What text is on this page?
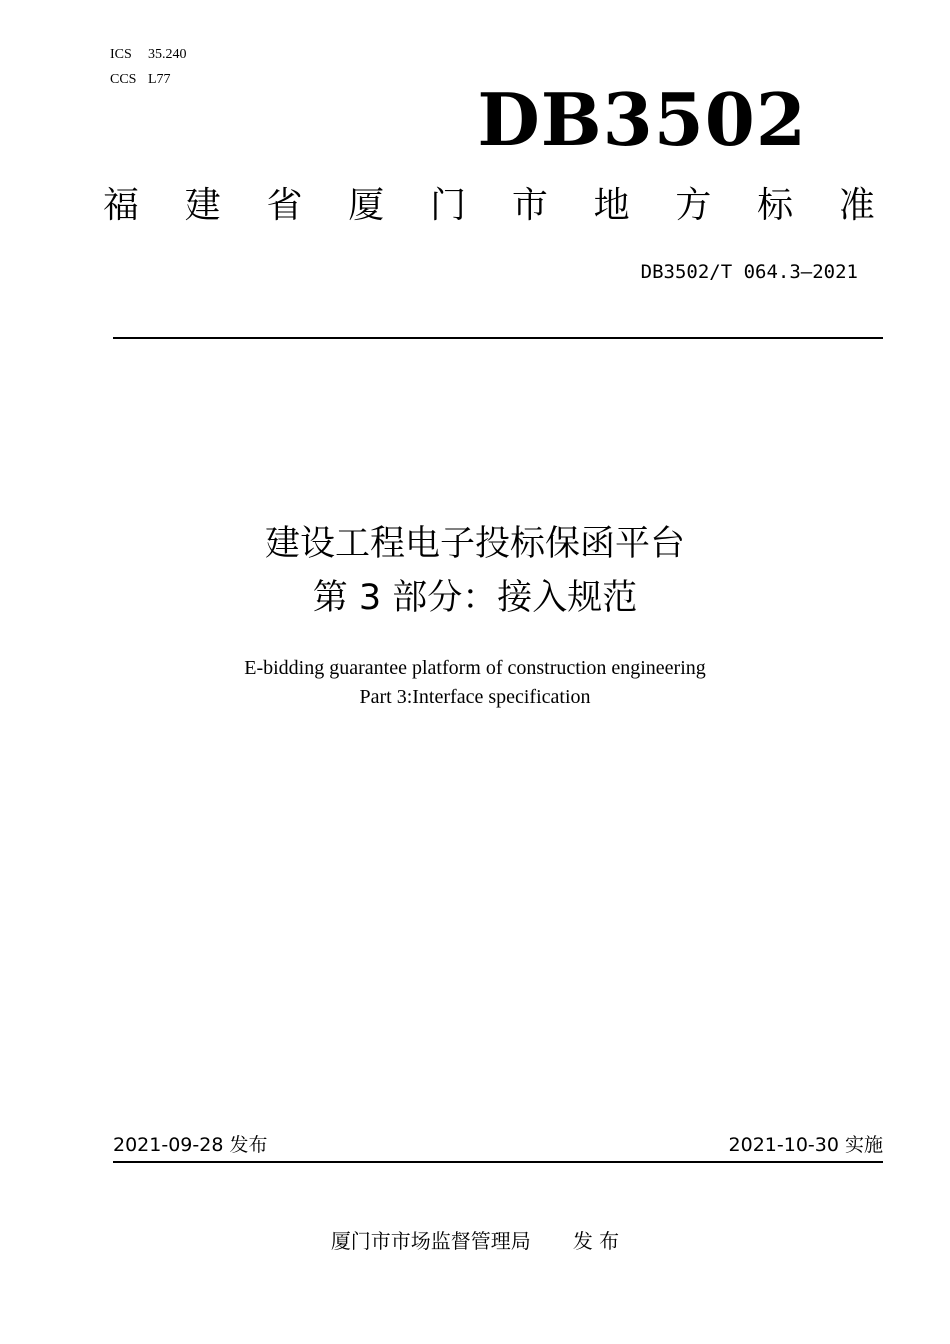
ICS 35.240
CCS L77	DB3502
福 建 省 厦 门 市 地 方 标 准
DB3502/T 064.3—2021
建设工程电子投标保函平台
第 3 部分：接入规范
E-bidding guarantee platform of construction engineering
Part 3:Interface specification
2021-09-28 发布	2021-10-30 实施
厦门市市场监督管理局 发 布
